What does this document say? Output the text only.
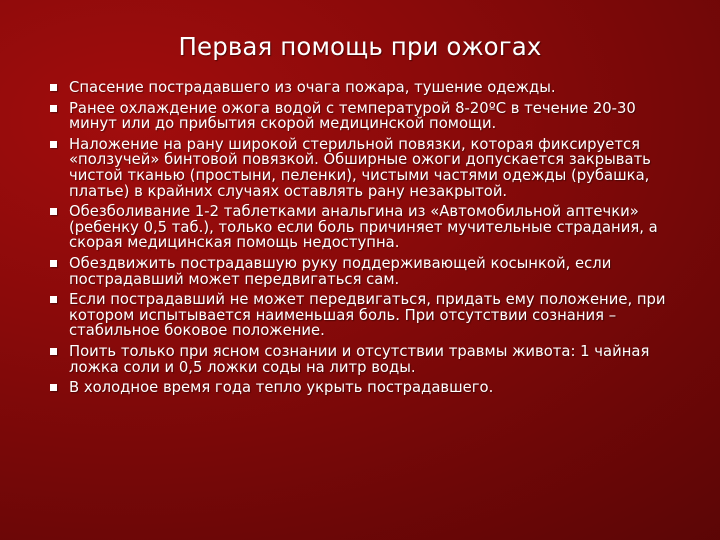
Первая помощь при ожогах
Спасение пострадавшего из очага пожара, тушение одежды.
Ранее охлаждение ожога водой с температурой 8-20ºС в течение 20-30 минут или до прибытия скорой медицинской помощи.
Наложение на рану широкой стерильной повязки, которая фиксируется «ползучей» бинтовой повязкой. Обширные ожоги допускается закрывать чистой тканью (простыни, пеленки), чистыми частями одежды (рубашка, платье) в крайних случаях оставлять рану незакрытой.
Обезболивание 1-2 таблетками анальгина из «Автомобильной аптечки» (ребенку 0,5 таб.), только если боль причиняет мучительные страдания, а скорая медицинская помощь недоступна.
Обездвижить пострадавшую руку поддерживающей косынкой, если пострадавший может передвигаться сам.
Если пострадавший не может передвигаться, придать ему положение, при котором испытывается наименьшая боль. При отсутствии сознания – стабильное боковое положение.
Поить только при ясном сознании и отсутствии травмы живота: 1 чайная ложка соли и 0,5 ложки соды на литр воды.
В холодное время года тепло укрыть пострадавшего.
